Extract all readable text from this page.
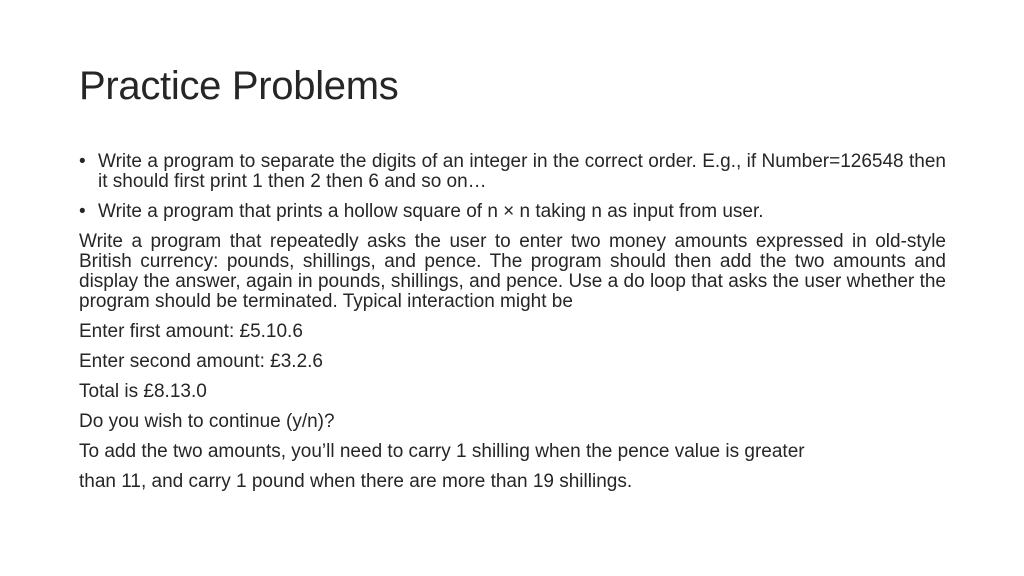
Practice Problems
• Write a program to separate the digits of an integer in the correct order. E.g., if Number=126548 then it should first print 1 then 2 then 6 and so on…
• Write a program that prints a hollow square of n × n taking n as input from user.

Write a program that repeatedly asks the user to enter two money amounts expressed in old-style British currency: pounds, shillings, and pence. The program should then add the two amounts and display the answer, again in pounds, shillings, and pence. Use a do loop that asks the user whether the program should be terminated. Typical interaction might be

Enter first amount: £5.10.6

Enter second amount: £3.2.6

Total is £8.13.0

Do you wish to continue (y/n)?

To add the two amounts, you’ll need to carry 1 shilling when the pence value is greater

than 11, and carry 1 pound when there are more than 19 shillings.
